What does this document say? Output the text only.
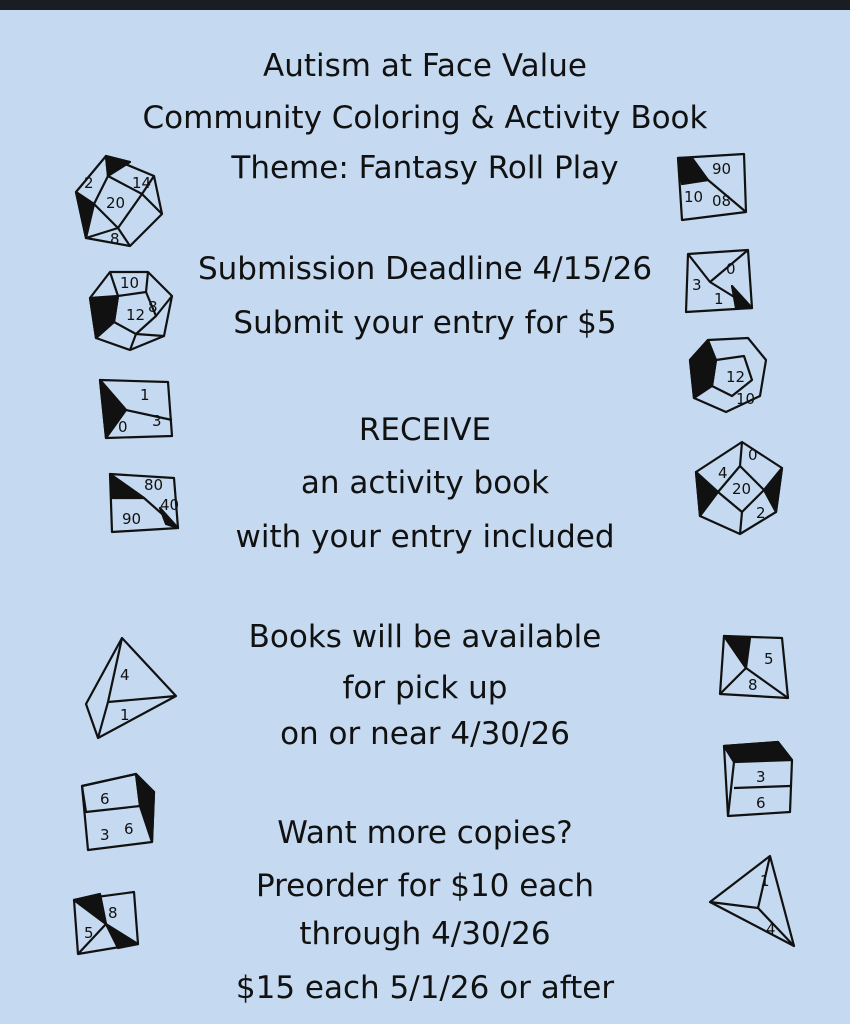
Autism at Face Value
Community Coloring & Activity Book
Theme: Fantasy Roll Play
Submission Deadline 4/15/26
Submit your entry for $5
RECEIVE
an activity book
with your entry included
Books will be available
for pick up
on or near 4/30/26
Want more copies?
Preorder for $10 each
through 4/30/26
$15 each 5/1/26 or after
20
14
8
2
12
10
8
1
3
0
80
40
90
4
1
6
3 6
8
5
90
08
10
0
3
1
12
8
10
20
4
2
0
5
8
3
6
1
4
